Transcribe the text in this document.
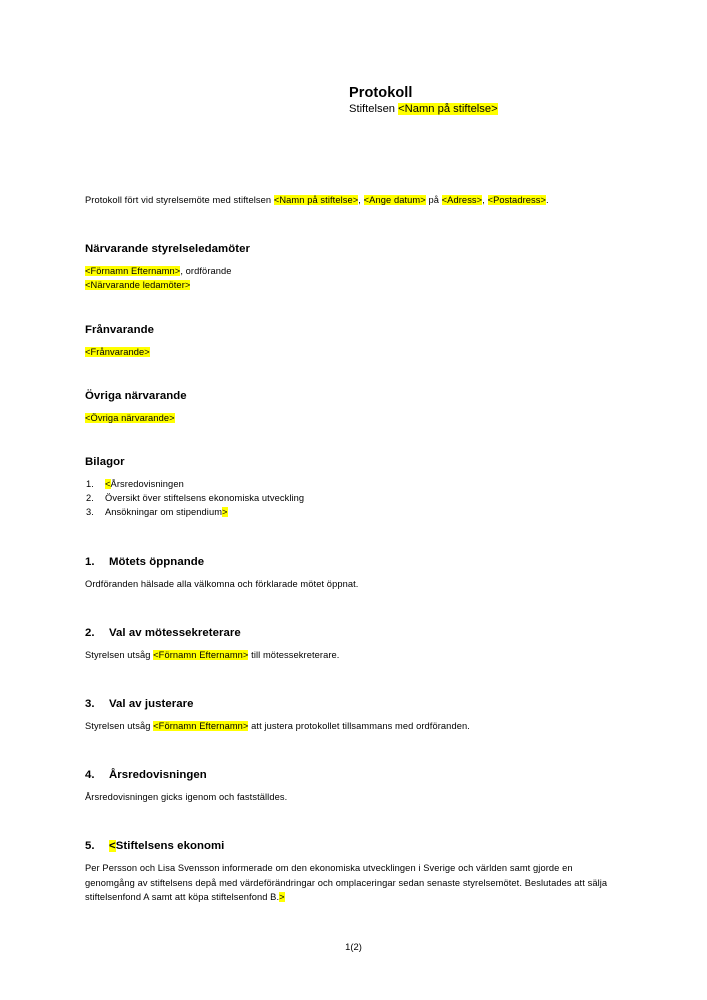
Protokoll
Stiftelsen <Namn på stiftelse>

Protokoll fört vid styrelsemöte med stiftelsen <Namn på stiftelse>, <Ange datum> på <Adress>, <Postadress>.

Närvarande styrelseledamöter

<Förnamn Efternamn>, ordförande

<Närvarande ledamöter>

Frånvarande

<Frånvarande>

Övriga närvarande

<Övriga närvarande>

Bilagor
1. <Årsredovisningen
2. Översikt över stiftelsens ekonomiska utveckling
3. Ansökningar om stipendium>
1.	Mötets öppnande

Ordföranden hälsade alla välkomna och förklarade mötet öppnat.

2.	Val av mötessekreterare

Styrelsen utsåg <Förnamn Efternamn> till mötessekreterare.

3.	Val av justerare

Styrelsen utsåg <Förnamn Efternamn> att justera protokollet tillsammans med ordföranden.

4.	Årsredovisningen

Årsredovisningen gicks igenom och fastställdes.

5.	<Stiftelsens ekonomi

Per Persson och Lisa Svensson informerade om den ekonomiska utvecklingen i Sverige och världen samt gjorde en genomgång av stiftelsens depå med värdeförändringar och omplaceringar sedan senaste styrelsemötet. Beslutades att sälja stiftelsenfond A samt att köpa stiftelsenfond B.>

1(2)
